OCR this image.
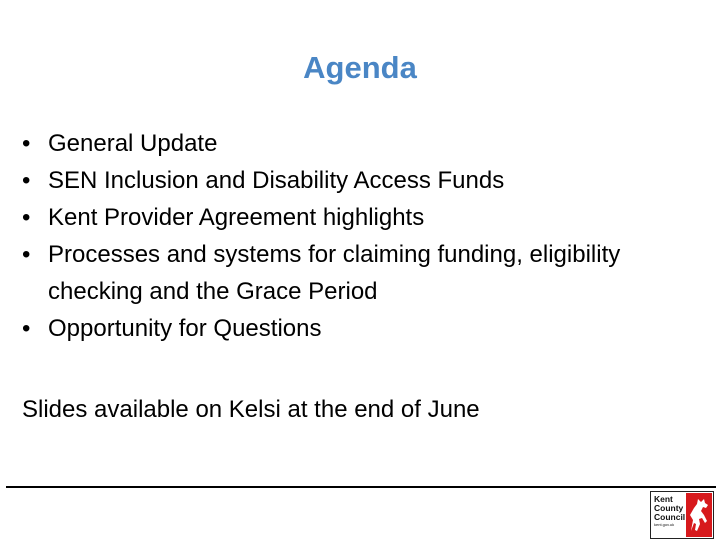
Agenda
• General Update
• SEN Inclusion and Disability Access Funds
• Kent Provider Agreement highlights
• Processes and systems for claiming funding, eligibility checking and the Grace Period
• Opportunity for Questions
Slides available on Kelsi at the end of June
Kent
County
Council
kent.gov.uk
